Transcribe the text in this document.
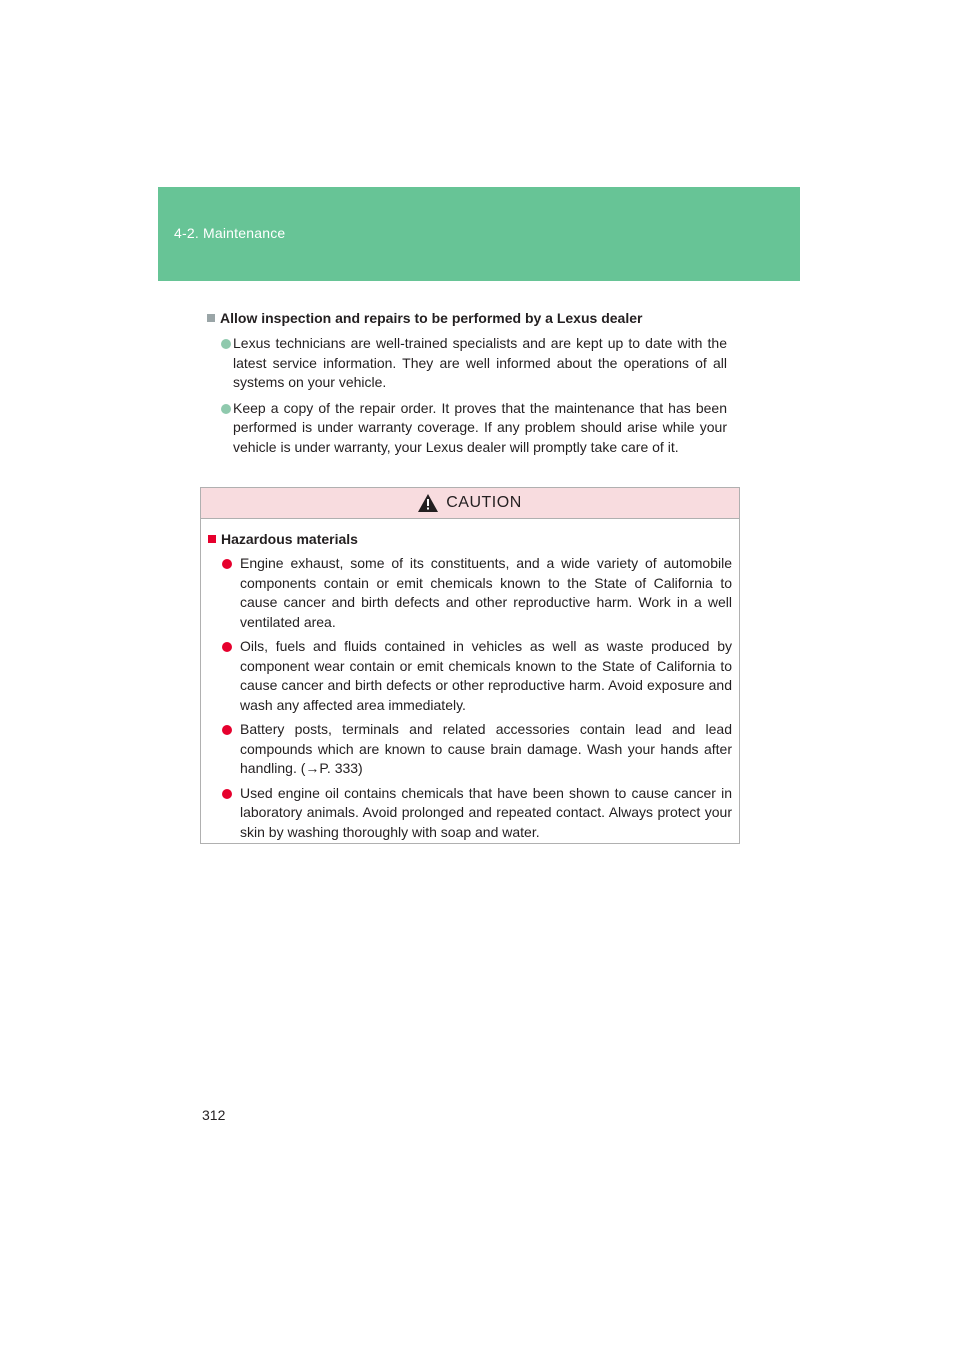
4-2. Maintenance
Allow inspection and repairs to be performed by a Lexus dealer
Lexus technicians are well-trained specialists and are kept up to date with the latest service information. They are well informed about the operations of all systems on your vehicle.
Keep a copy of the repair order. It proves that the maintenance that has been performed is under warranty coverage. If any problem should arise while your vehicle is under warranty, your Lexus dealer will promptly take care of it.
CAUTION
Hazardous materials
Engine exhaust, some of its constituents, and a wide variety of automobile components contain or emit chemicals known to the State of California to cause cancer and birth defects and other reproductive harm. Work in a well ventilated area.
Oils, fuels and fluids contained in vehicles as well as waste produced by component wear contain or emit chemicals known to the State of California to cause cancer and birth defects or other reproductive harm. Avoid exposure and wash any affected area immediately.
Battery posts, terminals and related accessories contain lead and lead compounds which are known to cause brain damage. Wash your hands after handling. (→P. 333)
Used engine oil contains chemicals that have been shown to cause cancer in laboratory animals. Avoid prolonged and repeated contact. Always protect your skin by washing thoroughly with soap and water.
312
